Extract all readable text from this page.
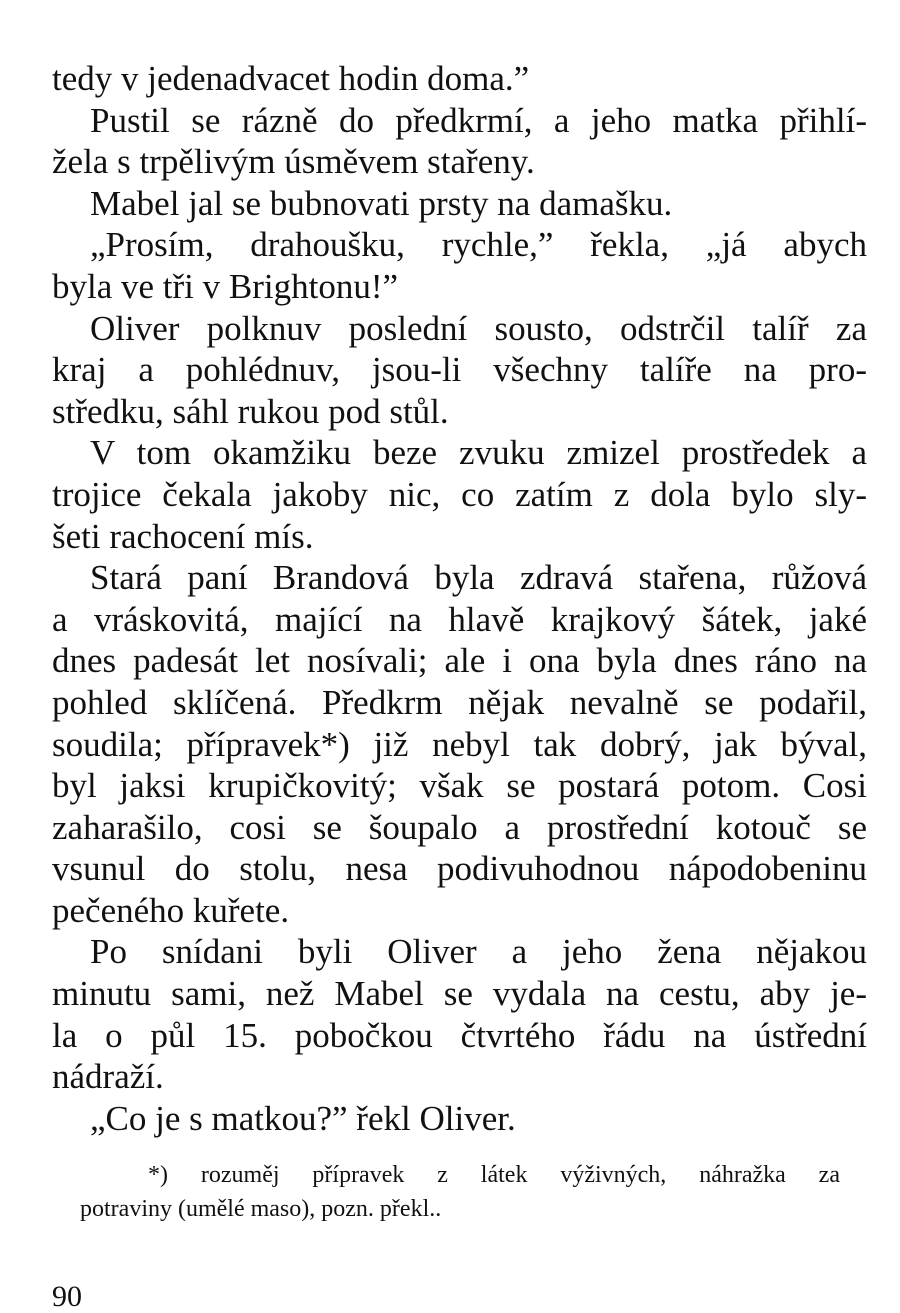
tedy v jedenadvacet hodin doma.”
Pustil se rázně do předkrmí, a jeho matka přihlí-
žela s trpělivým úsměvem stařeny.
Mabel jal se bubnovati prsty na damašku.
„Prosím, drahoušku, rychle,” řekla, „já abych
byla ve tři v Brightonu!”
Oliver polknuv poslední sousto, odstrčil talíř za
kraj a pohlédnuv, jsou-li všechny talíře na pro-
středku, sáhl rukou pod stůl.
V tom okamžiku beze zvuku zmizel prostředek a
trojice čekala jakoby nic, co zatím z dola bylo sly-
šeti rachocení mís.
Stará paní Brandová byla zdravá stařena, růžová
a vráskovitá, mající na hlavě krajkový šátek, jaké
dnes padesát let nosívali; ale i ona byla dnes ráno na
pohled sklíčená. Předkrm nějak nevalně se podařil,
soudila; přípravek*) již nebyl tak dobrý, jak býval,
byl jaksi krupičkovitý; však se postará potom. Cosi
zaharašilo, cosi se šoupalo a prostřední kotouč se
vsunul do stolu, nesa podivuhodnou nápodobeninu
pečeného kuřete.
Po snídani byli Oliver a jeho žena nějakou
minutu sami, než Mabel se vydala na cestu, aby je-
la o půl 15. pobočkou čtvrtého řádu na ústřední
nádraží.
„Co je s matkou?” řekl Oliver.
*) rozuměj přípravek z látek výživných, náhražka za
potraviny (umělé maso), pozn. překl..
90
